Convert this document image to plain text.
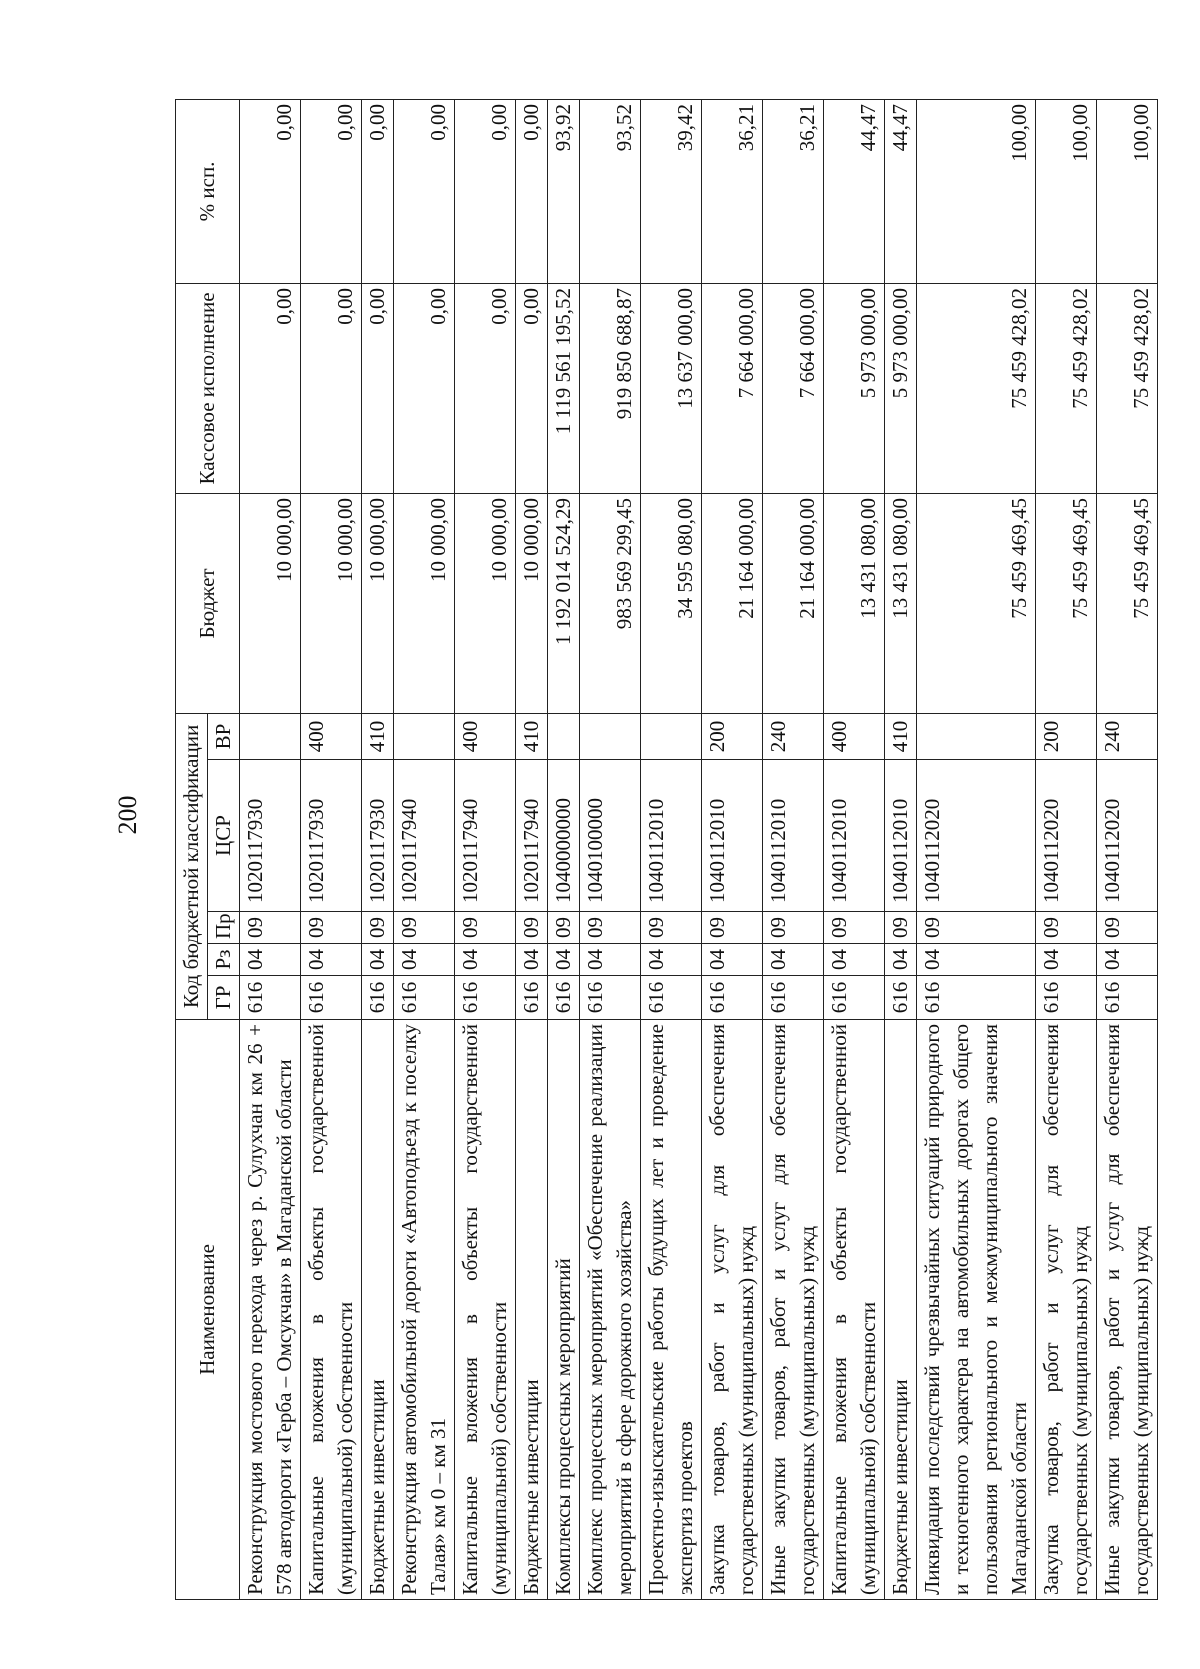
200
Наименование	Код бюджетной классификации					Бюджет	Кассовое исполнение	% исп.
	ГР	Рз	Пр	ЦСР	ВР			
Реконструкция мостового перехода через р. Сулухчан км 26 + 578 автодороги «Герба – Омсукчан» в Магаданской области	616	04	09	1020117930		10 000,00	0,00	0,00
Капитальные вложения в объекты государственной (муниципальной) собственности	616	04	09	1020117930	400	10 000,00	0,00	0,00
Бюджетные инвестиции	616	04	09	1020117930	410	10 000,00	0,00	0,00
Реконструкция автомобильной дороги «Автоподъезд к поселку Талая» км 0 – км 31	616	04	09	1020117940		10 000,00	0,00	0,00
Капитальные вложения в объекты государственной (муниципальной) собственности	616	04	09	1020117940	400	10 000,00	0,00	0,00
Бюджетные инвестиции	616	04	09	1020117940	410	10 000,00	0,00	0,00
Комплексы процессных мероприятий	616	04	09	1040000000		1 192 014 524,29	1 119 561 195,52	93,92
Комплекс процессных мероприятий «Обеспечение реализации мероприятий в сфере дорожного хозяйства»	616	04	09	1040100000		983 569 299,45	919 850 688,87	93,52
Проектно-изыскательские работы будущих лет и проведение экспертиз проектов	616	04	09	1040112010		34 595 080,00	13 637 000,00	39,42
Закупка товаров, работ и услуг для обеспечения государственных (муниципальных) нужд	616	04	09	1040112010	200	21 164 000,00	7 664 000,00	36,21
Иные закупки товаров, работ и услуг для обеспечения государственных (муниципальных) нужд	616	04	09	1040112010	240	21 164 000,00	7 664 000,00	36,21
Капитальные вложения в объекты государственной (муниципальной) собственности	616	04	09	1040112010	400	13 431 080,00	5 973 000,00	44,47
Бюджетные инвестиции	616	04	09	1040112010	410	13 431 080,00	5 973 000,00	44,47
Ликвидация последствий чрезвычайных ситуаций природного и техногенного характера на автомобильных дорогах общего пользования регионального и межмуниципального значения Магаданской области	616	04	09	1040112020		75 459 469,45	75 459 428,02	100,00
Закупка товаров, работ и услуг для обеспечения государственных (муниципальных) нужд	616	04	09	1040112020	200	75 459 469,45	75 459 428,02	100,00
Иные закупки товаров, работ и услуг для обеспечения государственных (муниципальных) нужд	616	04	09	1040112020	240	75 459 469,45	75 459 428,02	100,00
